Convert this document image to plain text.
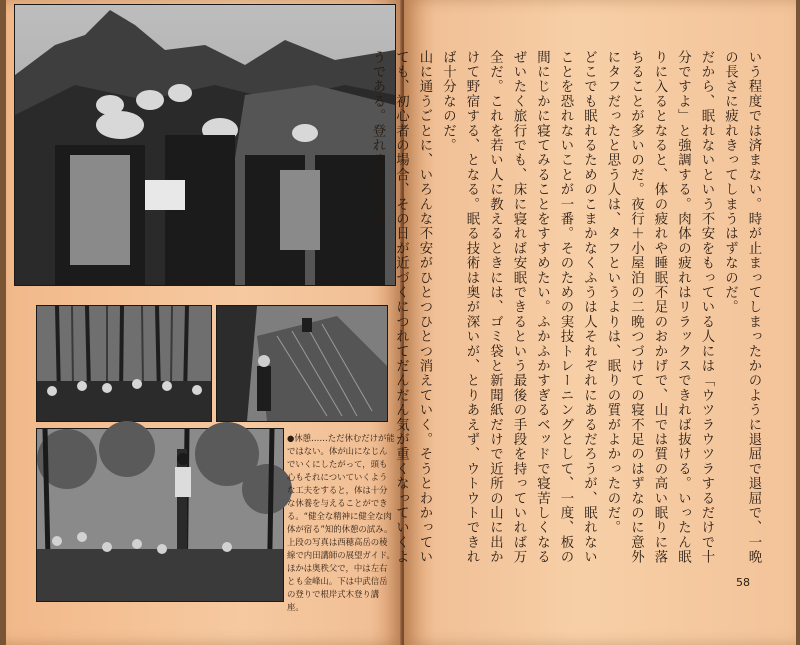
●休憩……ただ休むだけが能ではない。体が山になじんでいくにしたがって，頭も心もそれについていくような工夫をすると，体は十分な休養を与えることができる。“健全な精神に健全な肉体が宿る”知的休憩の試み。上段の写真は西穂高岳の稜線で内田講師の展望ガイド。ほかは奥秩父で，中は左右とも金峰山。下は中武信岳の登りで根岸式木登り講座。

いう程度では済まない。時が止まってしまったかのように退屈で退屈で、一晩の長さに疲れきってしまうはずなのだ。

だから、眠れないという不安をもっている人には「ウツラウツラするだけで十分ですよ」と強調する。肉体の疲れはリラックスできれば抜ける。いったん眠りに入るとなると、体の疲れや睡眠不足のおかげで、山では質の高い眠りに落ちることが多いのだ。夜行＋小屋泊の二晩つづけての寝不足のはずなのに意外にタフだったと思う人は、タフというよりは、眠りの質がよかったのだ。

どこでも眠れるためのこまかなくふうは人それぞれにあるだろうが、眠れないことを恐れないことが一番。そのための実技トレーニングとして、一度、板の間にじかに寝てみることをすすめたい。ふかふかすぎるベッドで寝苦しくなるぜいたく旅行でも、床に寝れば安眠できるという最後の手段を持っていれば万全だ。これを若い人に教えるときには、ゴミ袋と新聞紙だけで近所の山に出かけて野宿する、となる。眠る技術は奥が深いが、とりあえず、ウトウトできれば十分なのだ。

山に通うごとに、いろんな不安がひとつひとつ消えていく。そうとわかっていても、初心者の場合、その日が近づくにつれてだんだん気が重くなっていくようである。登れるだろうかとい

58
